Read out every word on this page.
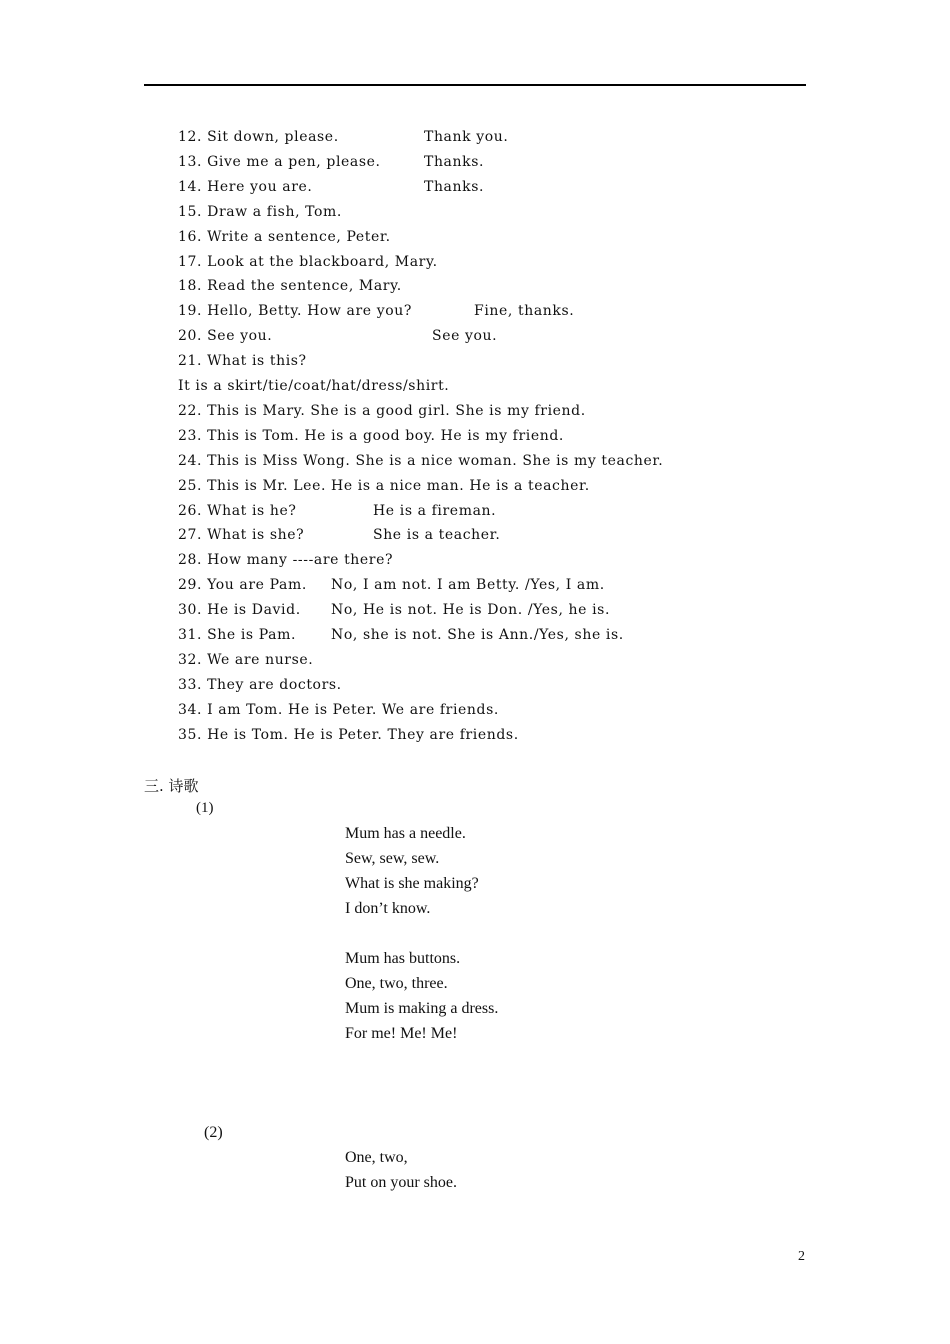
12. Sit down, please.	Thank you.
13. Give me a pen, please.	Thanks.
14. Here you are.	Thanks.
15. Draw a fish, Tom.
16. Write a sentence, Peter.
17. Look at the blackboard, Mary.
18. Read the sentence, Mary.
19. Hello, Betty. How are you?	Fine, thanks.
20. See you.	See you.
21. What is this?
It is a skirt/tie/coat/hat/dress/shirt.
22. This is Mary. She is a good girl. She is my friend.
23. This is Tom. He is a good boy. He is my friend.
24. This is Miss Wong. She is a nice woman. She is my teacher.
25. This is Mr. Lee. He is a nice man. He is a teacher.
26. What is he?	He is a fireman.
27. What is she?	She is a teacher.
28. How many ----are there?
29. You are Pam. No, I am not. I am Betty. /Yes, I am.
30. He is David. No, He is not. He is Don. /Yes, he is.
31. She is Pam. No, she is not. She is Ann./Yes, she is.
32. We are nurse.
33. They are doctors.
34. I am Tom. He is Peter. We are friends.
35. He is Tom. He is Peter. They are friends.
三. 诗歌
(1)
Mum has a needle.
Sew, sew, sew.
What is she making?
I don’t know.
Mum has buttons.
One, two, three.
Mum is making a dress.
For me! Me! Me!
(2)
One, two,
Put on your shoe.
2
